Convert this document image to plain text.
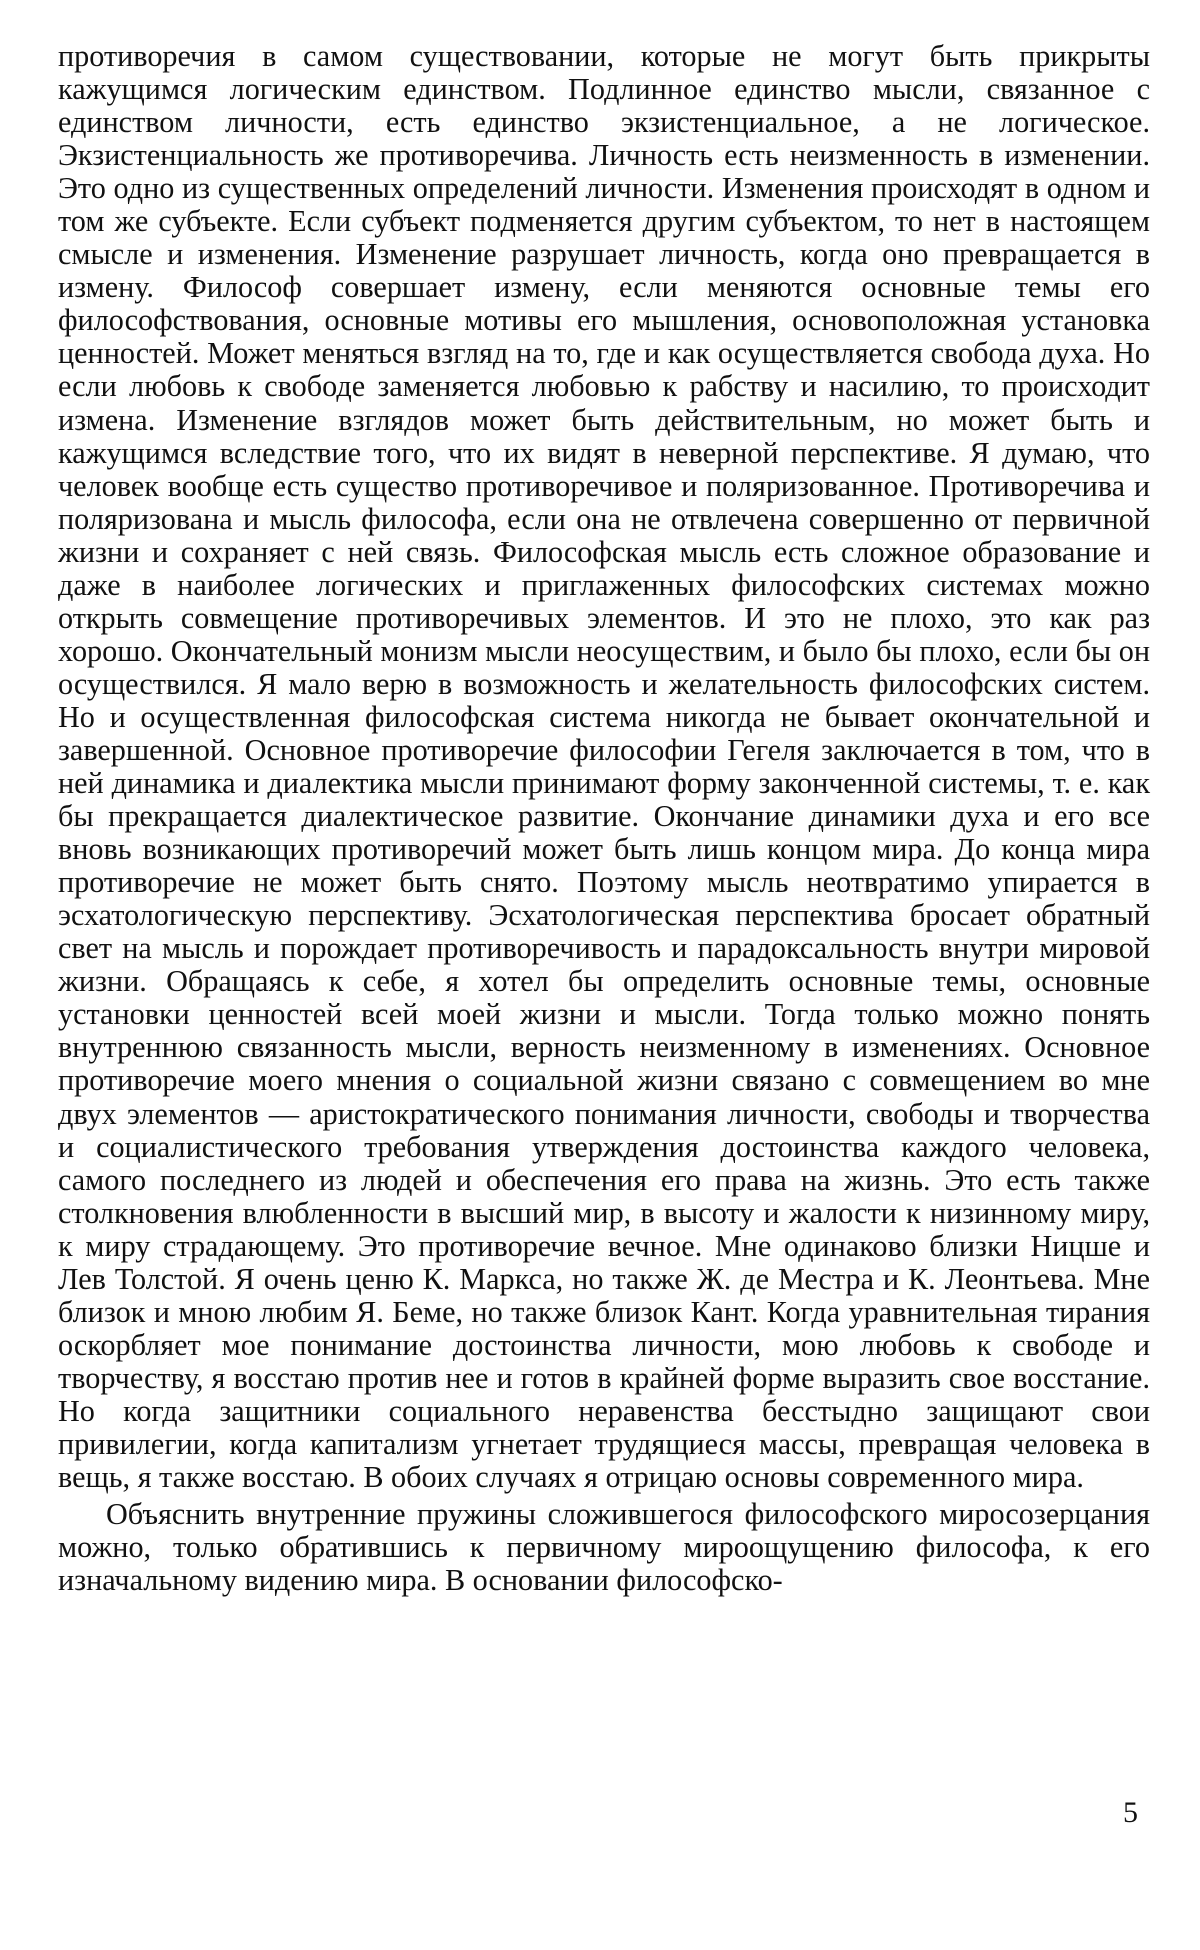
противоречия в самом существовании, которые не могут быть прикрыты кажущимся логическим единством. Подлинное единство мысли, связанное с единством личности, есть единство экзистенциальное, а не логическое. Экзистенциальность же противоречива. Личность есть неизменность в изменении. Это одно из существенных определений личности. Изменения происходят в одном и том же субъекте. Если субъект подменяется другим субъектом, то нет в настоящем смысле и изменения. Изменение разрушает личность, когда оно превращается в измену. Философ совершает измену, если меняются основные темы его философствования, основные мотивы его мышления, основоположная установка ценностей. Может меняться взгляд на то, где и как осуществляется свобода духа. Но если любовь к свободе заменяется любовью к рабству и насилию, то происходит измена. Изменение взглядов может быть действительным, но может быть и кажущимся вследствие того, что их видят в неверной перспективе. Я думаю, что человек вообще есть существо противоречивое и поляризованное. Противоречива и поляризована и мысль философа, если она не отвлечена совершенно от первичной жизни и сохраняет с ней связь. Философская мысль есть сложное образование и даже в наиболее логических и приглаженных философских системах можно открыть совмещение противоречивых элементов. И это не плохо, это как раз хорошо. Окончательный монизм мысли неосуществим, и было бы плохо, если бы он осуществился. Я мало верю в возможность и желательность философских систем. Но и осуществленная философская система никогда не бывает окончательной и завершенной. Основное противоречие философии Гегеля заключается в том, что в ней динамика и диалектика мысли принимают форму законченной системы, т. е. как бы прекращается диалектическое развитие. Окончание динамики духа и его все вновь возникающих противоречий может быть лишь концом мира. До конца мира противоречие не может быть снято. Поэтому мысль неотвратимо упирается в эсхатологическую перспективу. Эсхатологическая перспектива бросает обратный свет на мысль и порождает противоречивость и парадоксальность внутри мировой жизни. Обращаясь к себе, я хотел бы определить основные темы, основные установки ценностей всей моей жизни и мысли. Тогда только можно понять внутреннюю связанность мысли, верность неизменному в изменениях. Основное противоречие моего мнения о социальной жизни связано с совмещением во мне двух элементов — аристократического понимания личности, свободы и творчества и социалистического требования утверждения достоинства каждого человека, самого последнего из людей и обеспечения его права на жизнь. Это есть также столкновения влюбленности в высший мир, в высоту и жалости к низинному миру, к миру страдающему. Это противоречие вечное. Мне одинаково близки Ницше и Лев Толстой. Я очень ценю К. Маркса, но также Ж. де Местра и К. Леонтьева. Мне близок и мною любим Я. Беме, но также близок Кант. Когда уравнительная тирания оскорбляет мое понимание достоинства личности, мою любовь к свободе и творчеству, я восстаю против нее и готов в крайней форме выразить свое восстание. Но когда защитники социального неравенства бесстыдно защищают свои привилегии, когда капитализм угнетает трудящиеся массы, превращая человека в вещь, я также восстаю. В обоих случаях я отрицаю основы современного мира.

Объяснить внутренние пружины сложившегося философского миросозерцания можно, только обратившись к первичному мироощущению философа, к его изначальному видению мира. В основании философско-

5
